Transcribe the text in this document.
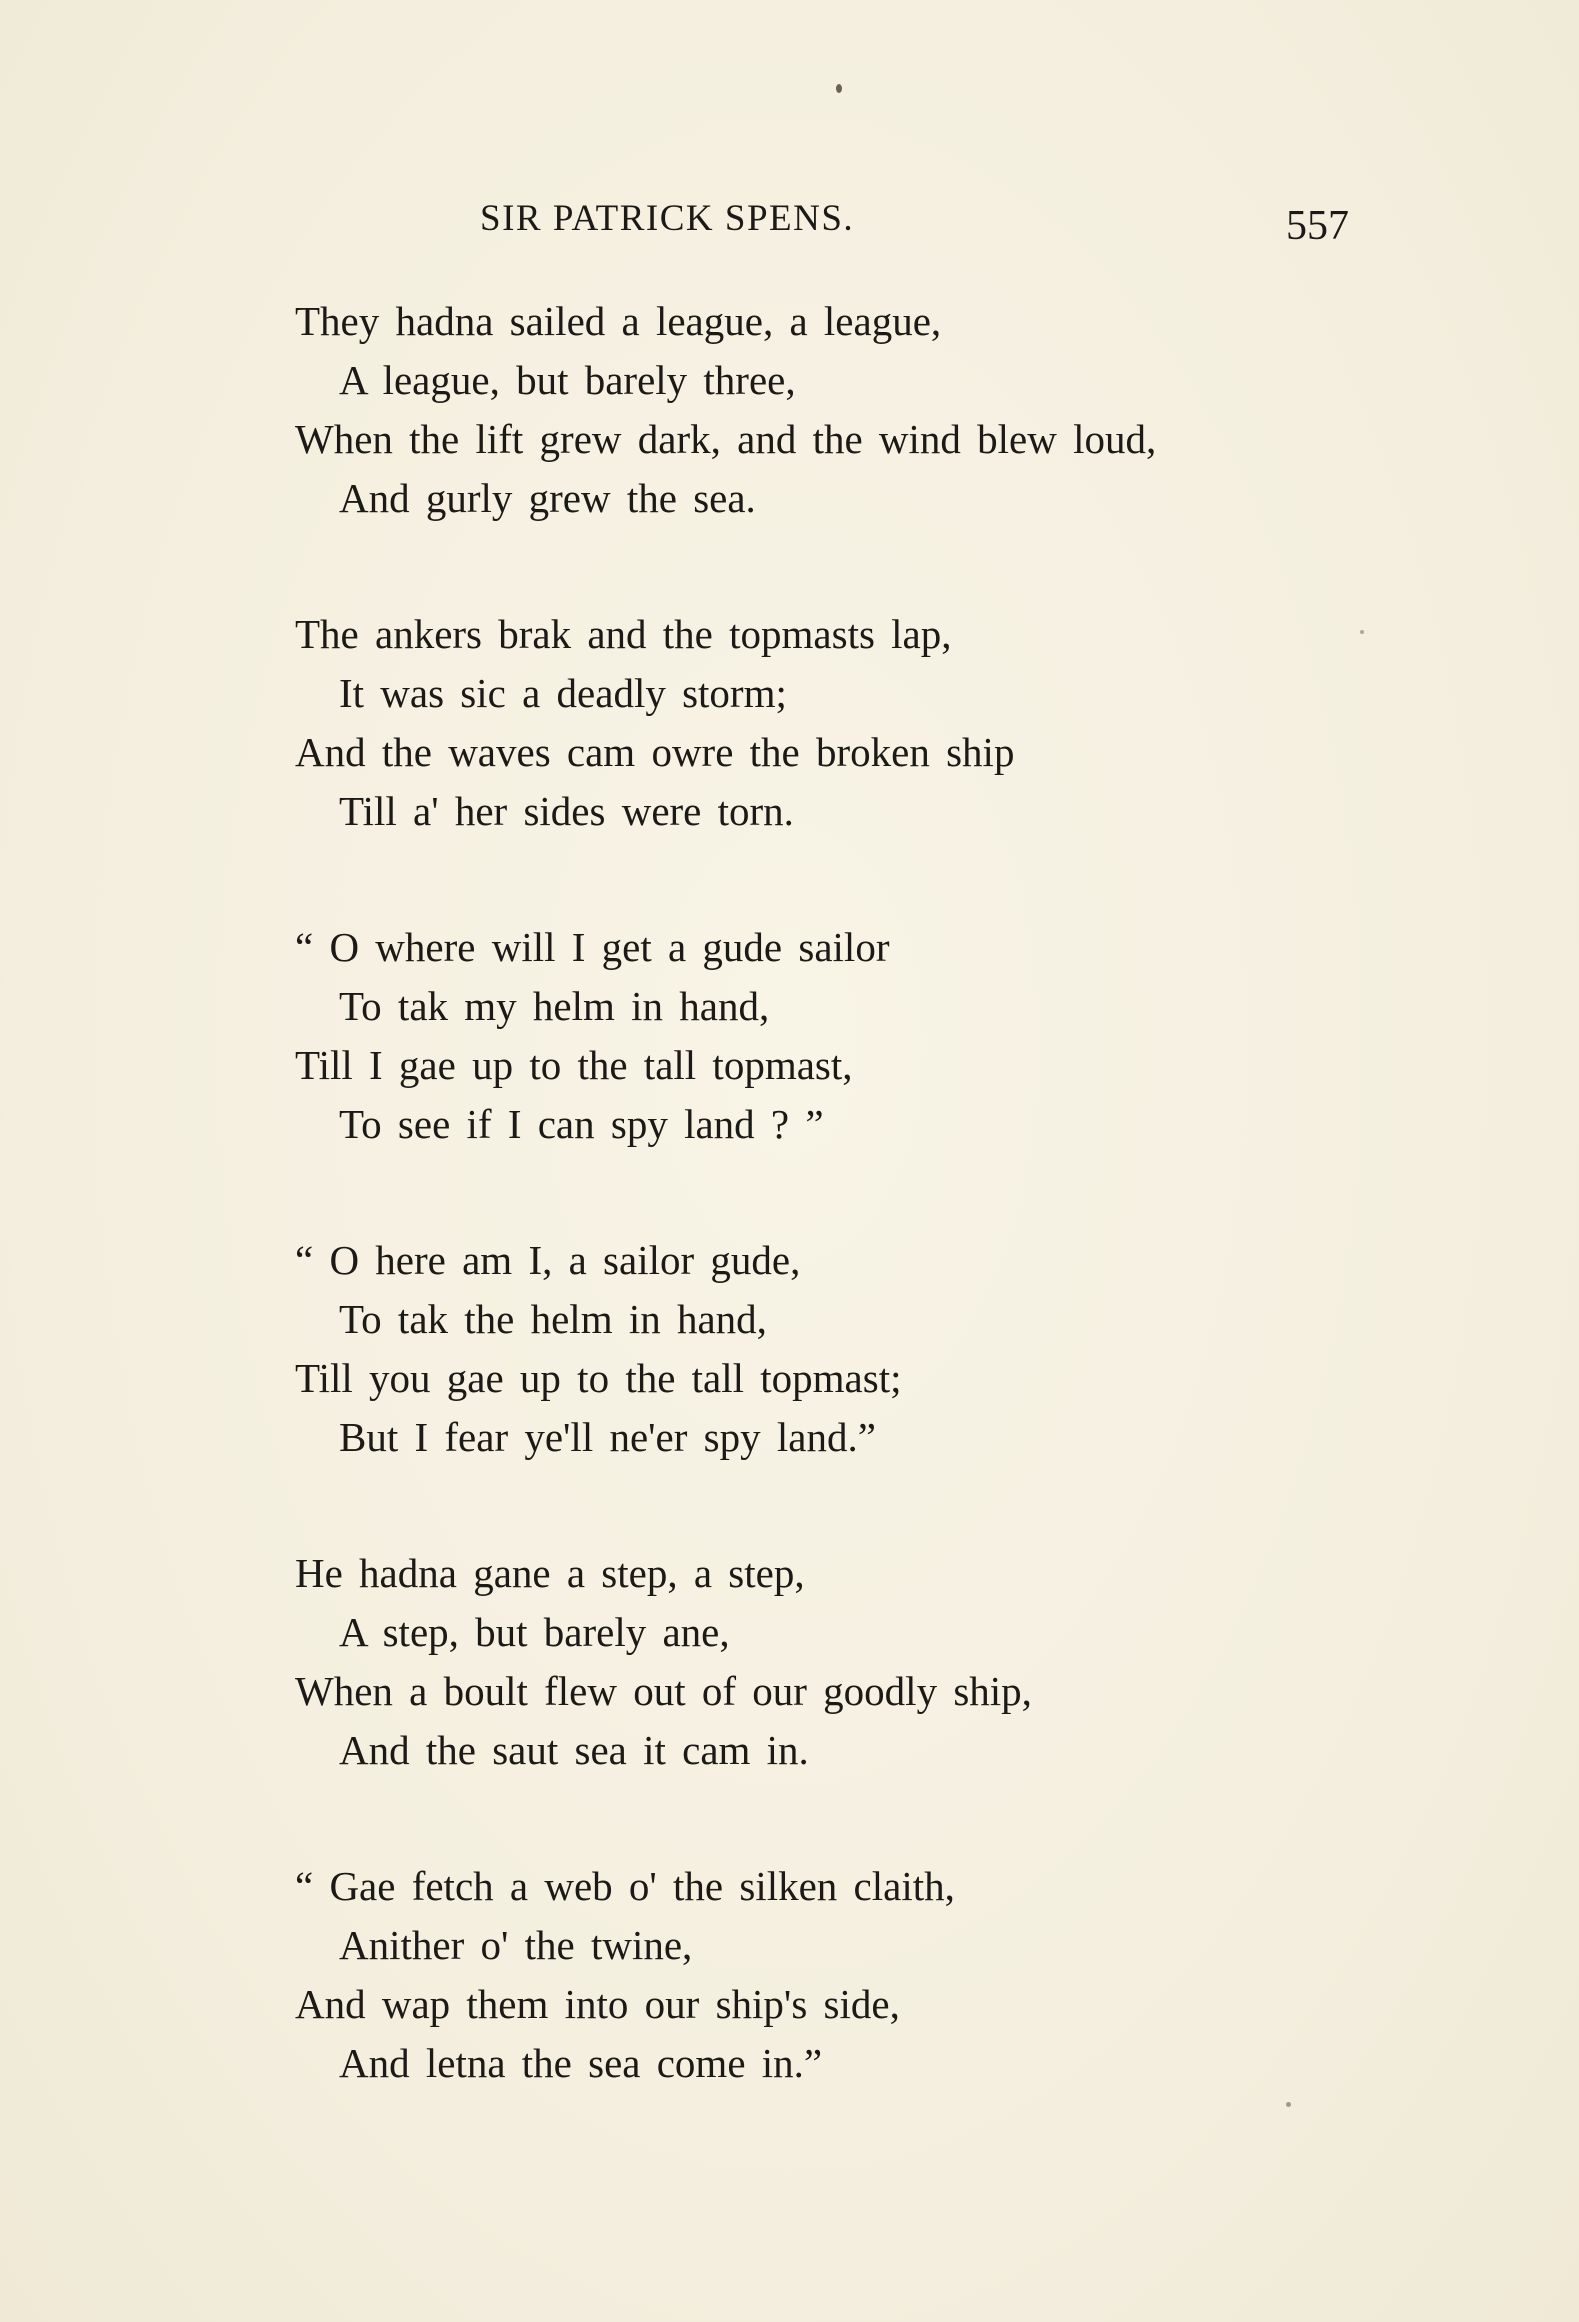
SIR PATRICK SPENS.	557
They hadna sailed a league, a league,
A league, but barely three,
When the lift grew dark, and the wind blew loud,
And gurly grew the sea.
The ankers brak and the topmasts lap,
It was sic a deadly storm;
And the waves cam owre the broken ship
Till a' her sides were torn.
“ O where will I get a gude sailor
To tak my helm in hand,
Till I gae up to the tall topmast,
To see if I can spy land ? ”
“ O here am I, a sailor gude,
To tak the helm in hand,
Till you gae up to the tall topmast;
But I fear ye'll ne'er spy land.”
He hadna gane a step, a step,
A step, but barely ane,
When a boult flew out of our goodly ship,
And the saut sea it cam in.
“ Gae fetch a web o' the silken claith,
Anither o' the twine,
And wap them into our ship's side,
And letna the sea come in.”
